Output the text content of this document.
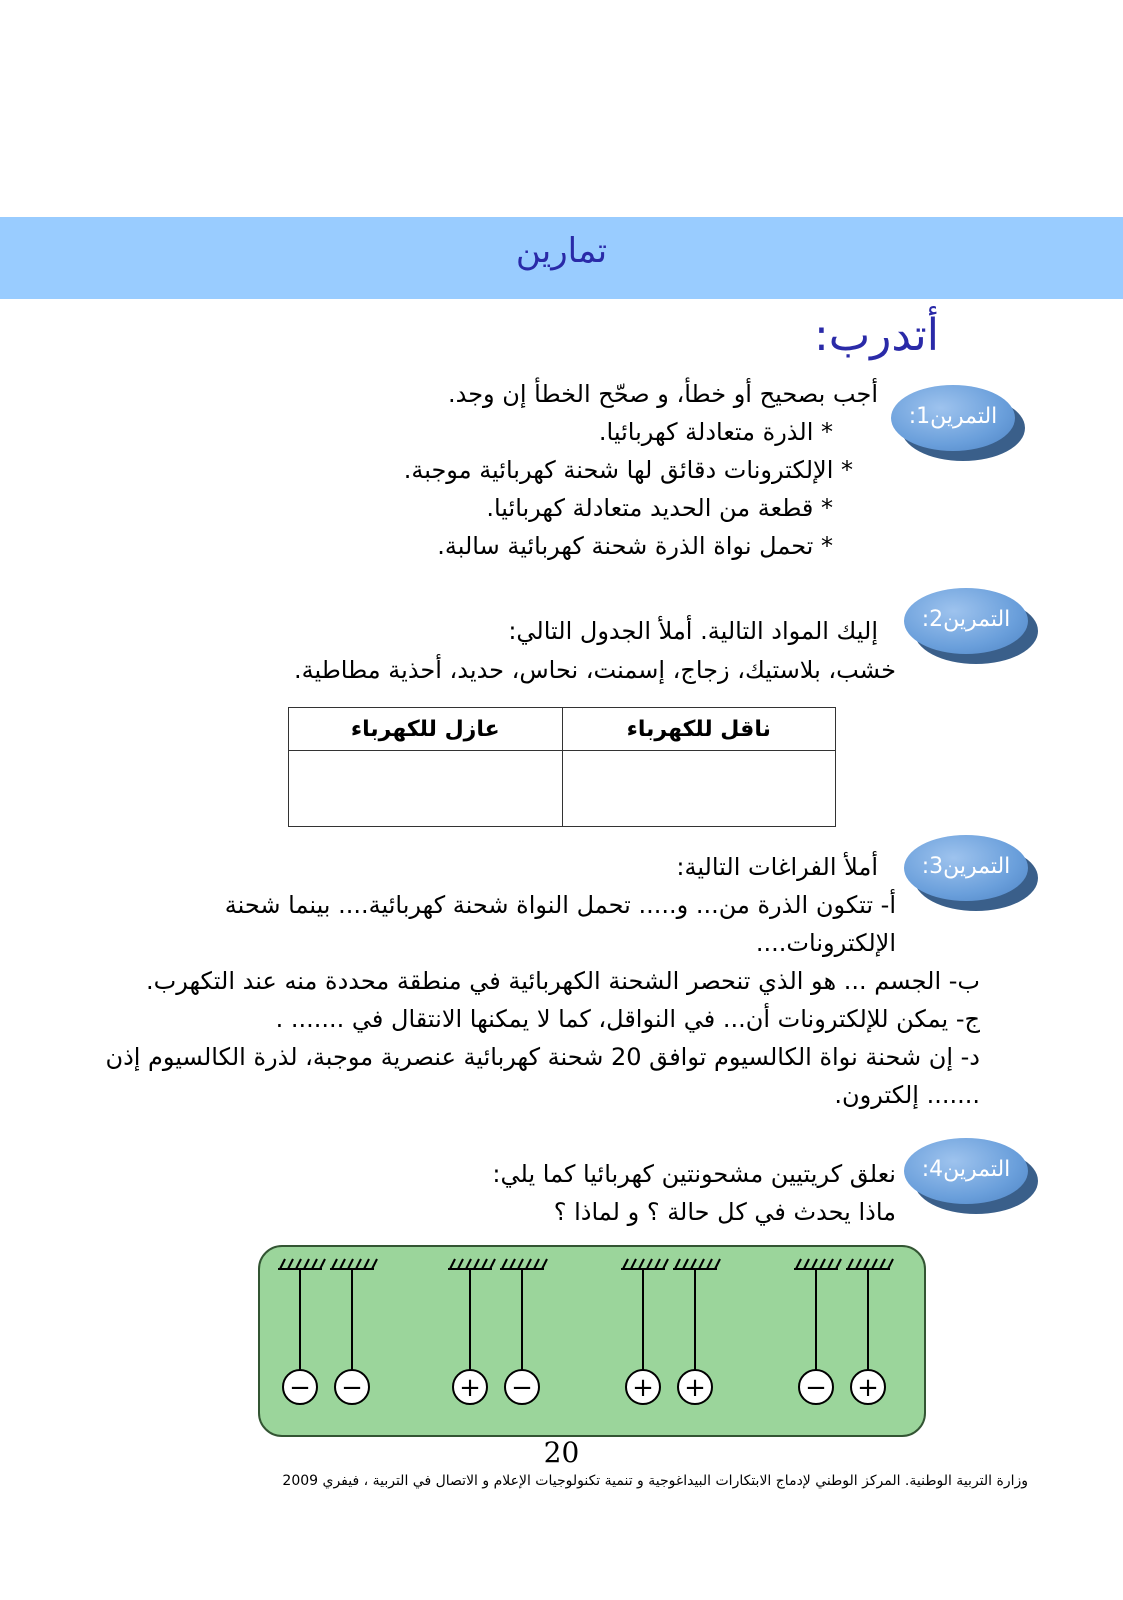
تمارين
أتدرب:
التمرين1:
أجب بصحيح أو خطأ، و صحّح الخطأ إن وجد.
* الذرة متعادلة كهربائيا.
* الإلكترونات دقائق لها شحنة كهربائية موجبة.
* قطعة من الحديد متعادلة كهربائيا.
* تحمل نواة الذرة شحنة كهربائية سالبة.
التمرين2:
إليك المواد التالية. أملأ الجدول التالي:
خشب، بلاستيك، زجاج، إسمنت، نحاس، حديد، أحذية مطاطية.
ناقل للكهرباء	عازل للكهرباء

التمرين3:
أملأ الفراغات التالية:
أ- تتكون الذرة من... و..... تحمل النواة شحنة كهربائية.... بينما شحنة الإلكترونات....
ب- الجسم ... هو الذي تنحصر الشحنة الكهربائية في منطقة محددة منه عند التكهرب.
ج- يمكن للإلكترونات أن... في النواقل، كما لا يمكنها الانتقال في ....... .
د- إن شحنة نواة الكالسيوم توافق 20 شحنة كهربائية عنصرية موجبة، لذرة الكالسيوم إذن ....... إلكترون.
التمرين4:
نعلق كريتيين مشحونتين كهربائيا كما يلي:
ماذا يحدث في كل حالة ؟ و لماذا ؟
− −	+ −	+ +	− +
20
وزارة التربية الوطنية. المركز الوطني لإدماج الابتكارات البيداغوجية و تنمية تكنولوجيات الإعلام و الاتصال في التربية ، فيفري 2009
